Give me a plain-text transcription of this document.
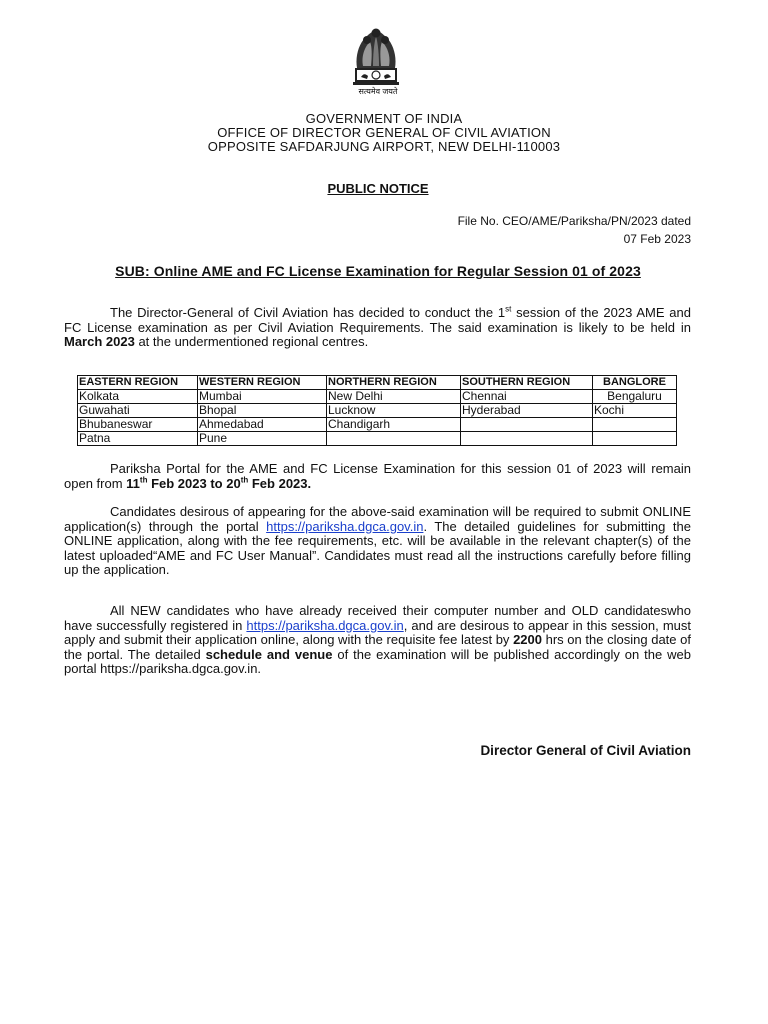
सत्यमेव जयते
GOVERNMENT OF INDIA
OFFICE OF DIRECTOR GENERAL OF CIVIL AVIATION
OPPOSITE SAFDARJUNG AIRPORT, NEW DELHI-110003
PUBLIC NOTICE
File No. CEO/AME/Pariksha/PN/2023 dated
07 Feb 2023
SUB: Online AME and FC License Examination for Regular Session 01 of 2023
The Director-General of Civil Aviation has decided to conduct the 1st session of the 2023 AME and FC License examination as per Civil Aviation Requirements. The said examination is likely to be held in March 2023 at the undermentioned regional centres.
EASTERN REGION	WESTERN REGION	NORTHERN REGION	SOUTHERN REGION	BANGLORE
Kolkata	Mumbai	New Delhi	Chennai	Bengaluru
Guwahati	Bhopal	Lucknow	Hyderabad	Kochi
Bhubaneswar	Ahmedabad	Chandigarh		
Patna	Pune			
Pariksha Portal for the AME and FC License Examination for this session 01 of 2023 will remain open from 11th Feb 2023 to 20th Feb 2023.
Candidates desirous of appearing for the above-said examination will be required to submit ONLINE application(s) through the portal https://pariksha.dgca.gov.in. The detailed guidelines for submitting the ONLINE application, along with the fee requirements, etc. will be available in the relevant chapter(s) of the latest uploaded“AME and FC User Manual”. Candidates must read all the instructions carefully before filling up the application.
All NEW candidates who have already received their computer number and OLD candidateswho have successfully registered in https://pariksha.dgca.gov.in, and are desirous to appear in this session, must apply and submit their application online, along with the requisite fee latest by 2200 hrs on the closing date of the portal. The detailed schedule and venue of the examination will be published accordingly on the web portal https://pariksha.dgca.gov.in.
Director General of Civil Aviation
